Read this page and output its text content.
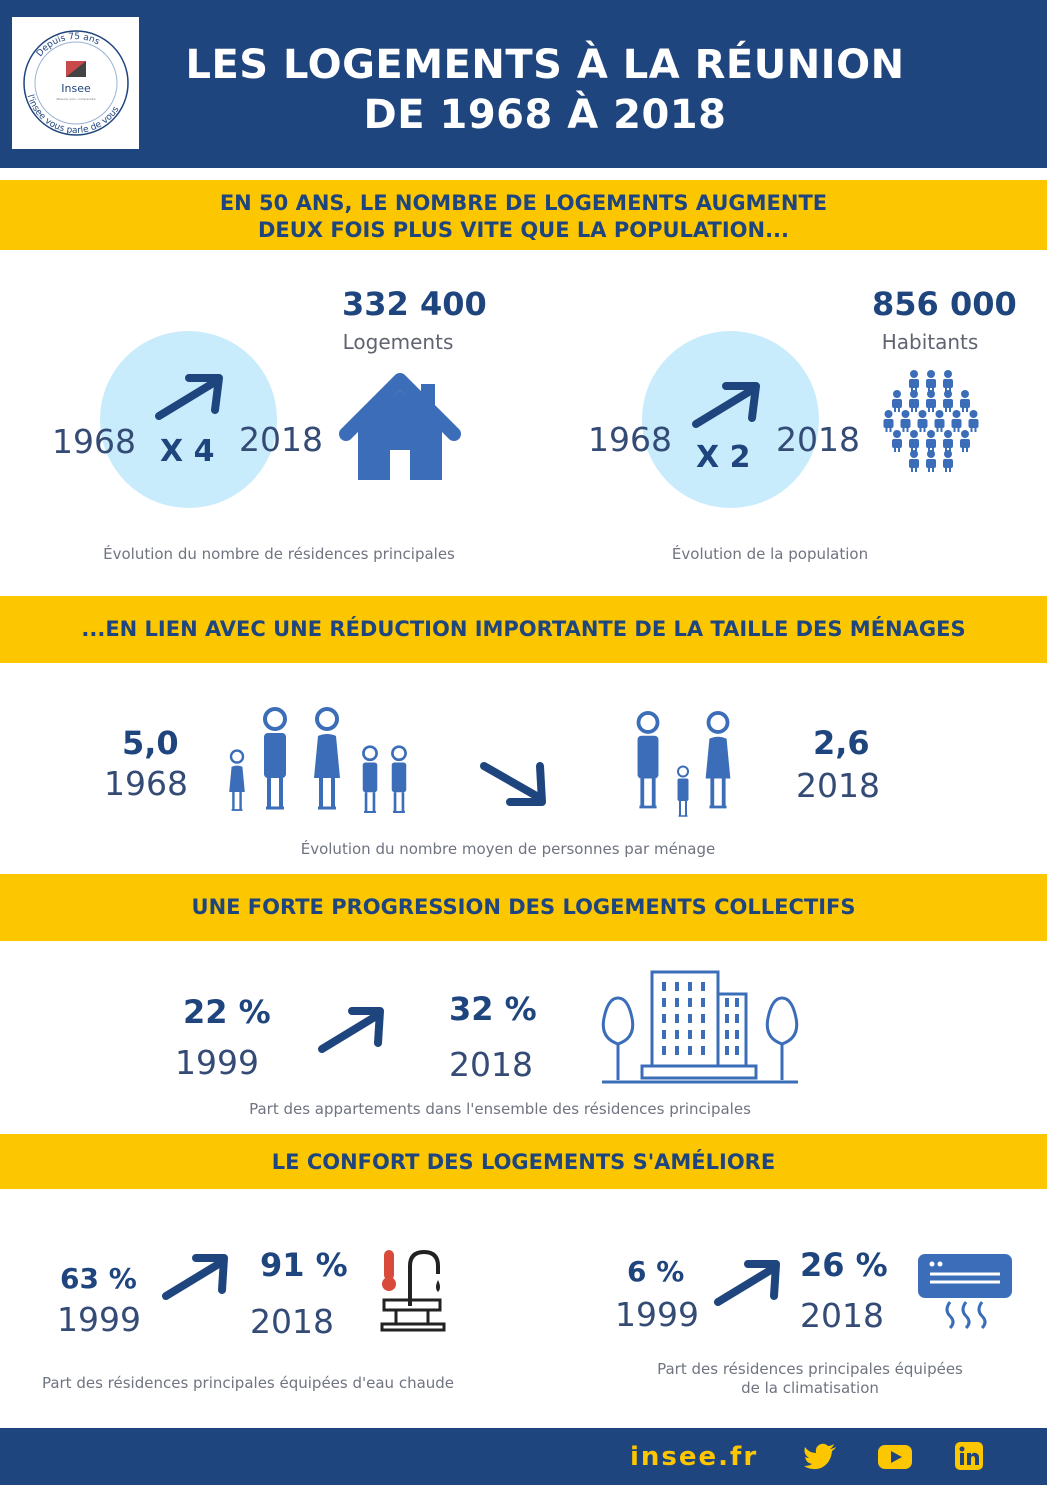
Depuis 75 ans
l'insee vous parle de vous
Insee
Mesurer pour comprendre
LES LOGEMENTS À LA RÉUNION
DE 1968 À 2018
EN 50 ANS, LE NOMBRE DE LOGEMENTS AUGMENTE
DEUX FOIS PLUS VITE QUE LA POPULATION...
X 4
1968	2018
332 400
Logements
Évolution du nombre de résidences principales
X 2
1968	2018
856 000
Habitants
Évolution de la population
...EN LIEN AVEC UNE RÉDUCTION IMPORTANTE DE LA TAILLE DES MÉNAGES
5,0
1968
2,6
2018
Évolution du nombre moyen de personnes par ménage
UNE FORTE PROGRESSION DES LOGEMENTS COLLECTIFS
22 %
1999
32 %
2018
Part des appartements dans l'ensemble des résidences principales
LE CONFORT DES LOGEMENTS S'AMÉLIORE
63 %
1999
91 %
2018
Part des résidences principales équipées d'eau chaude
6 %
1999
26 %
2018
Part des résidences principales équipées
de la climatisation
insee.fr
